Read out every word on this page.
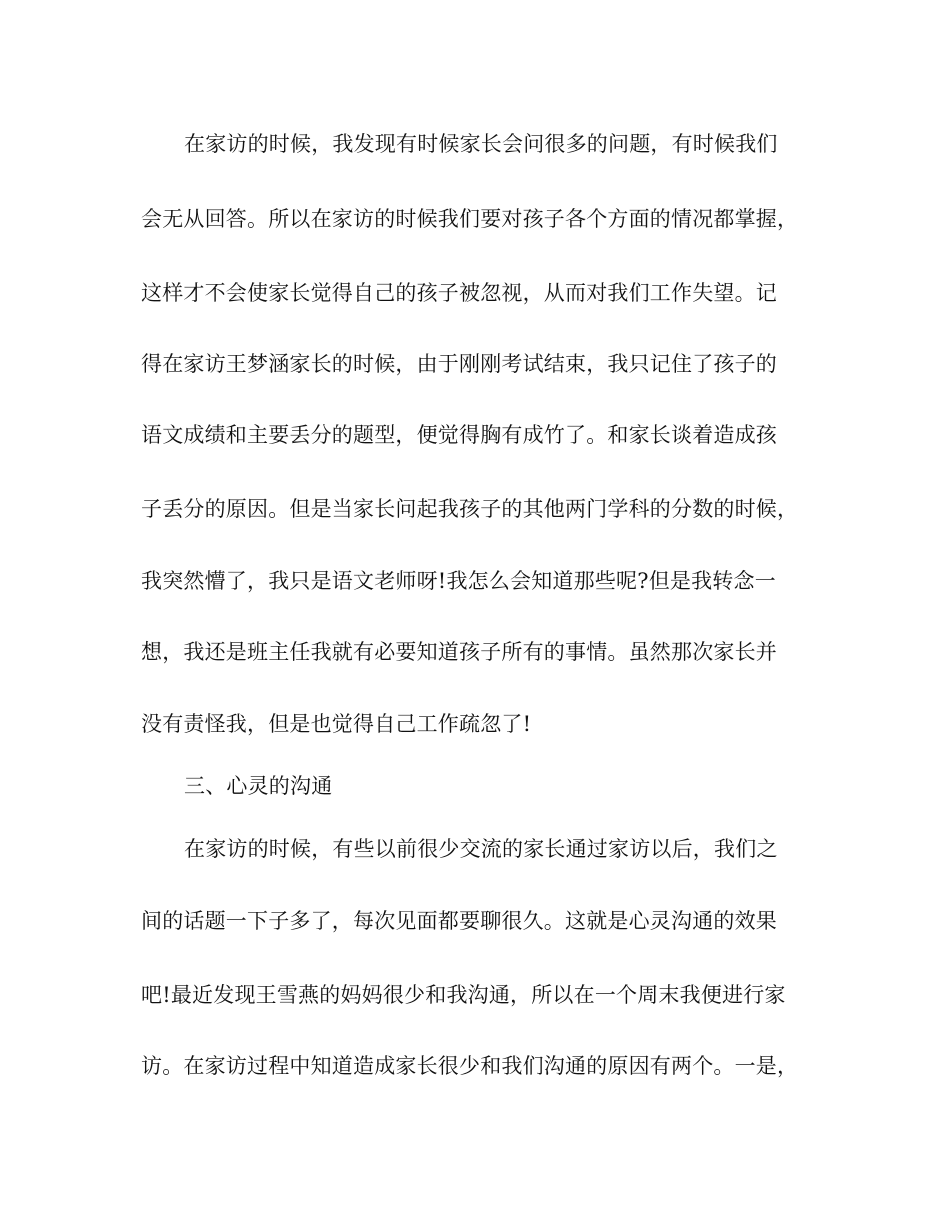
在家访的时候，我发现有时候家长会问很多的问题，有时候我们
会无从回答。所以在家访的时候我们要对孩子各个方面的情况都掌握，
这样才不会使家长觉得自己的孩子被忽视，从而对我们工作失望。记
得在家访王梦涵家长的时候，由于刚刚考试结束，我只记住了孩子的
语文成绩和主要丢分的题型，便觉得胸有成竹了。和家长谈着造成孩
子丢分的原因。但是当家长问起我孩子的其他两门学科的分数的时候，
我突然懵了，我只是语文老师呀!我怎么会知道那些呢?但是我转念一
想，我还是班主任我就有必要知道孩子所有的事情。虽然那次家长并
没有责怪我，但是也觉得自己工作疏忽了!
三、心灵的沟通
在家访的时候，有些以前很少交流的家长通过家访以后，我们之
间的话题一下子多了，每次见面都要聊很久。这就是心灵沟通的效果
吧!最近发现王雪燕的妈妈很少和我沟通，所以在一个周末我便进行家
访。在家访过程中知道造成家长很少和我们沟通的原因有两个。一是，
